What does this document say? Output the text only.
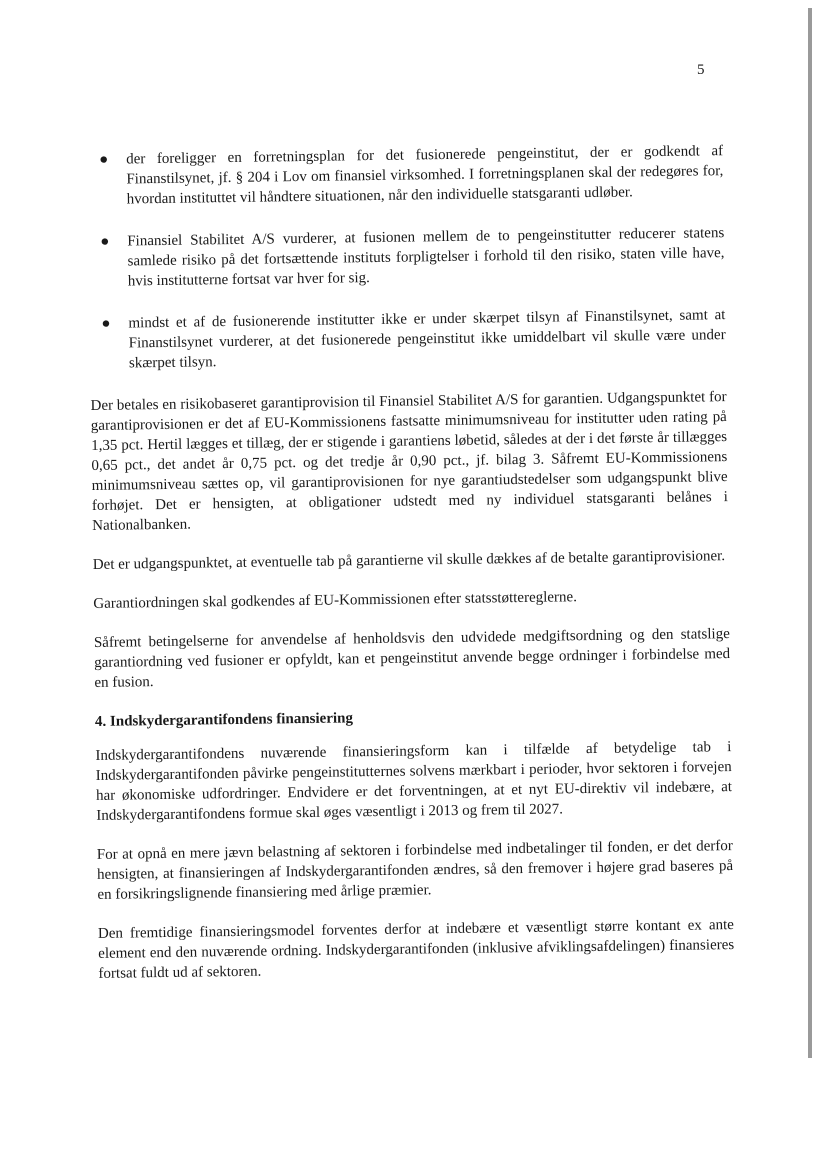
5
● der foreligger en forretningsplan for det fusionerede pengeinstitut, der er godkendt af Finanstilsynet, jf. § 204 i Lov om finansiel virksomhed. I forretningsplanen skal der redegøres for, hvordan instituttet vil håndtere situationen, når den individuelle statsgaranti udløber.
● Finansiel Stabilitet A/S vurderer, at fusionen mellem de to pengeinstitutter reducerer statens samlede risiko på det fortsættende instituts forpligtelser i forhold til den risiko, staten ville have, hvis institutterne fortsat var hver for sig.
● mindst et af de fusionerende institutter ikke er under skærpet tilsyn af Finanstilsynet, samt at Finanstilsynet vurderer, at det fusionerede pengeinstitut ikke umiddelbart vil skulle være under skærpet tilsyn.

Der betales en risikobaseret garantiprovision til Finansiel Stabilitet A/S for garantien. Udgangspunktet for garantiprovisionen er det af EU-Kommissionens fastsatte minimumsniveau for institutter uden rating på 1,35 pct. Hertil lægges et tillæg, der er stigende i garantiens løbetid, således at der i det første år tillægges 0,65 pct., det andet år 0,75 pct. og det tredje år 0,90 pct., jf. bilag 3. Såfremt EU-Kommissionens minimumsniveau sættes op, vil garantiprovisionen for nye garantiudstedelser som udgangspunkt blive forhøjet. Det er hensigten, at obligationer udstedt med ny individuel statsgaranti belånes i Nationalbanken.

Det er udgangspunktet, at eventuelle tab på garantierne vil skulle dækkes af de betalte garantiprovisioner.

Garantiordningen skal godkendes af EU-Kommissionen efter statsstøttereglerne.

Såfremt betingelserne for anvendelse af henholdsvis den udvidede medgiftsordning og den statslige garantiordning ved fusioner er opfyldt, kan et pengeinstitut anvende begge ordninger i forbindelse med en fusion.

4. Indskydergarantifondens finansiering

Indskydergarantifondens nuværende finansieringsform kan i tilfælde af betydelige tab i Indskydergarantifonden påvirke pengeinstitutternes solvens mærkbart i perioder, hvor sektoren i forvejen har økonomiske udfordringer. Endvidere er det forventningen, at et nyt EU-direktiv vil indebære, at Indskydergarantifondens formue skal øges væsentligt i 2013 og frem til 2027.

For at opnå en mere jævn belastning af sektoren i forbindelse med indbetalinger til fonden, er det derfor hensigten, at finansieringen af Indskydergarantifonden ændres, så den fremover i højere grad baseres på en forsikringslignende finansiering med årlige præmier.

Den fremtidige finansieringsmodel forventes derfor at indebære et væsentligt større kontant ex ante element end den nuværende ordning. Indskydergarantifonden (inklusive afviklingsafdelingen) finansieres fortsat fuldt ud af sektoren.
